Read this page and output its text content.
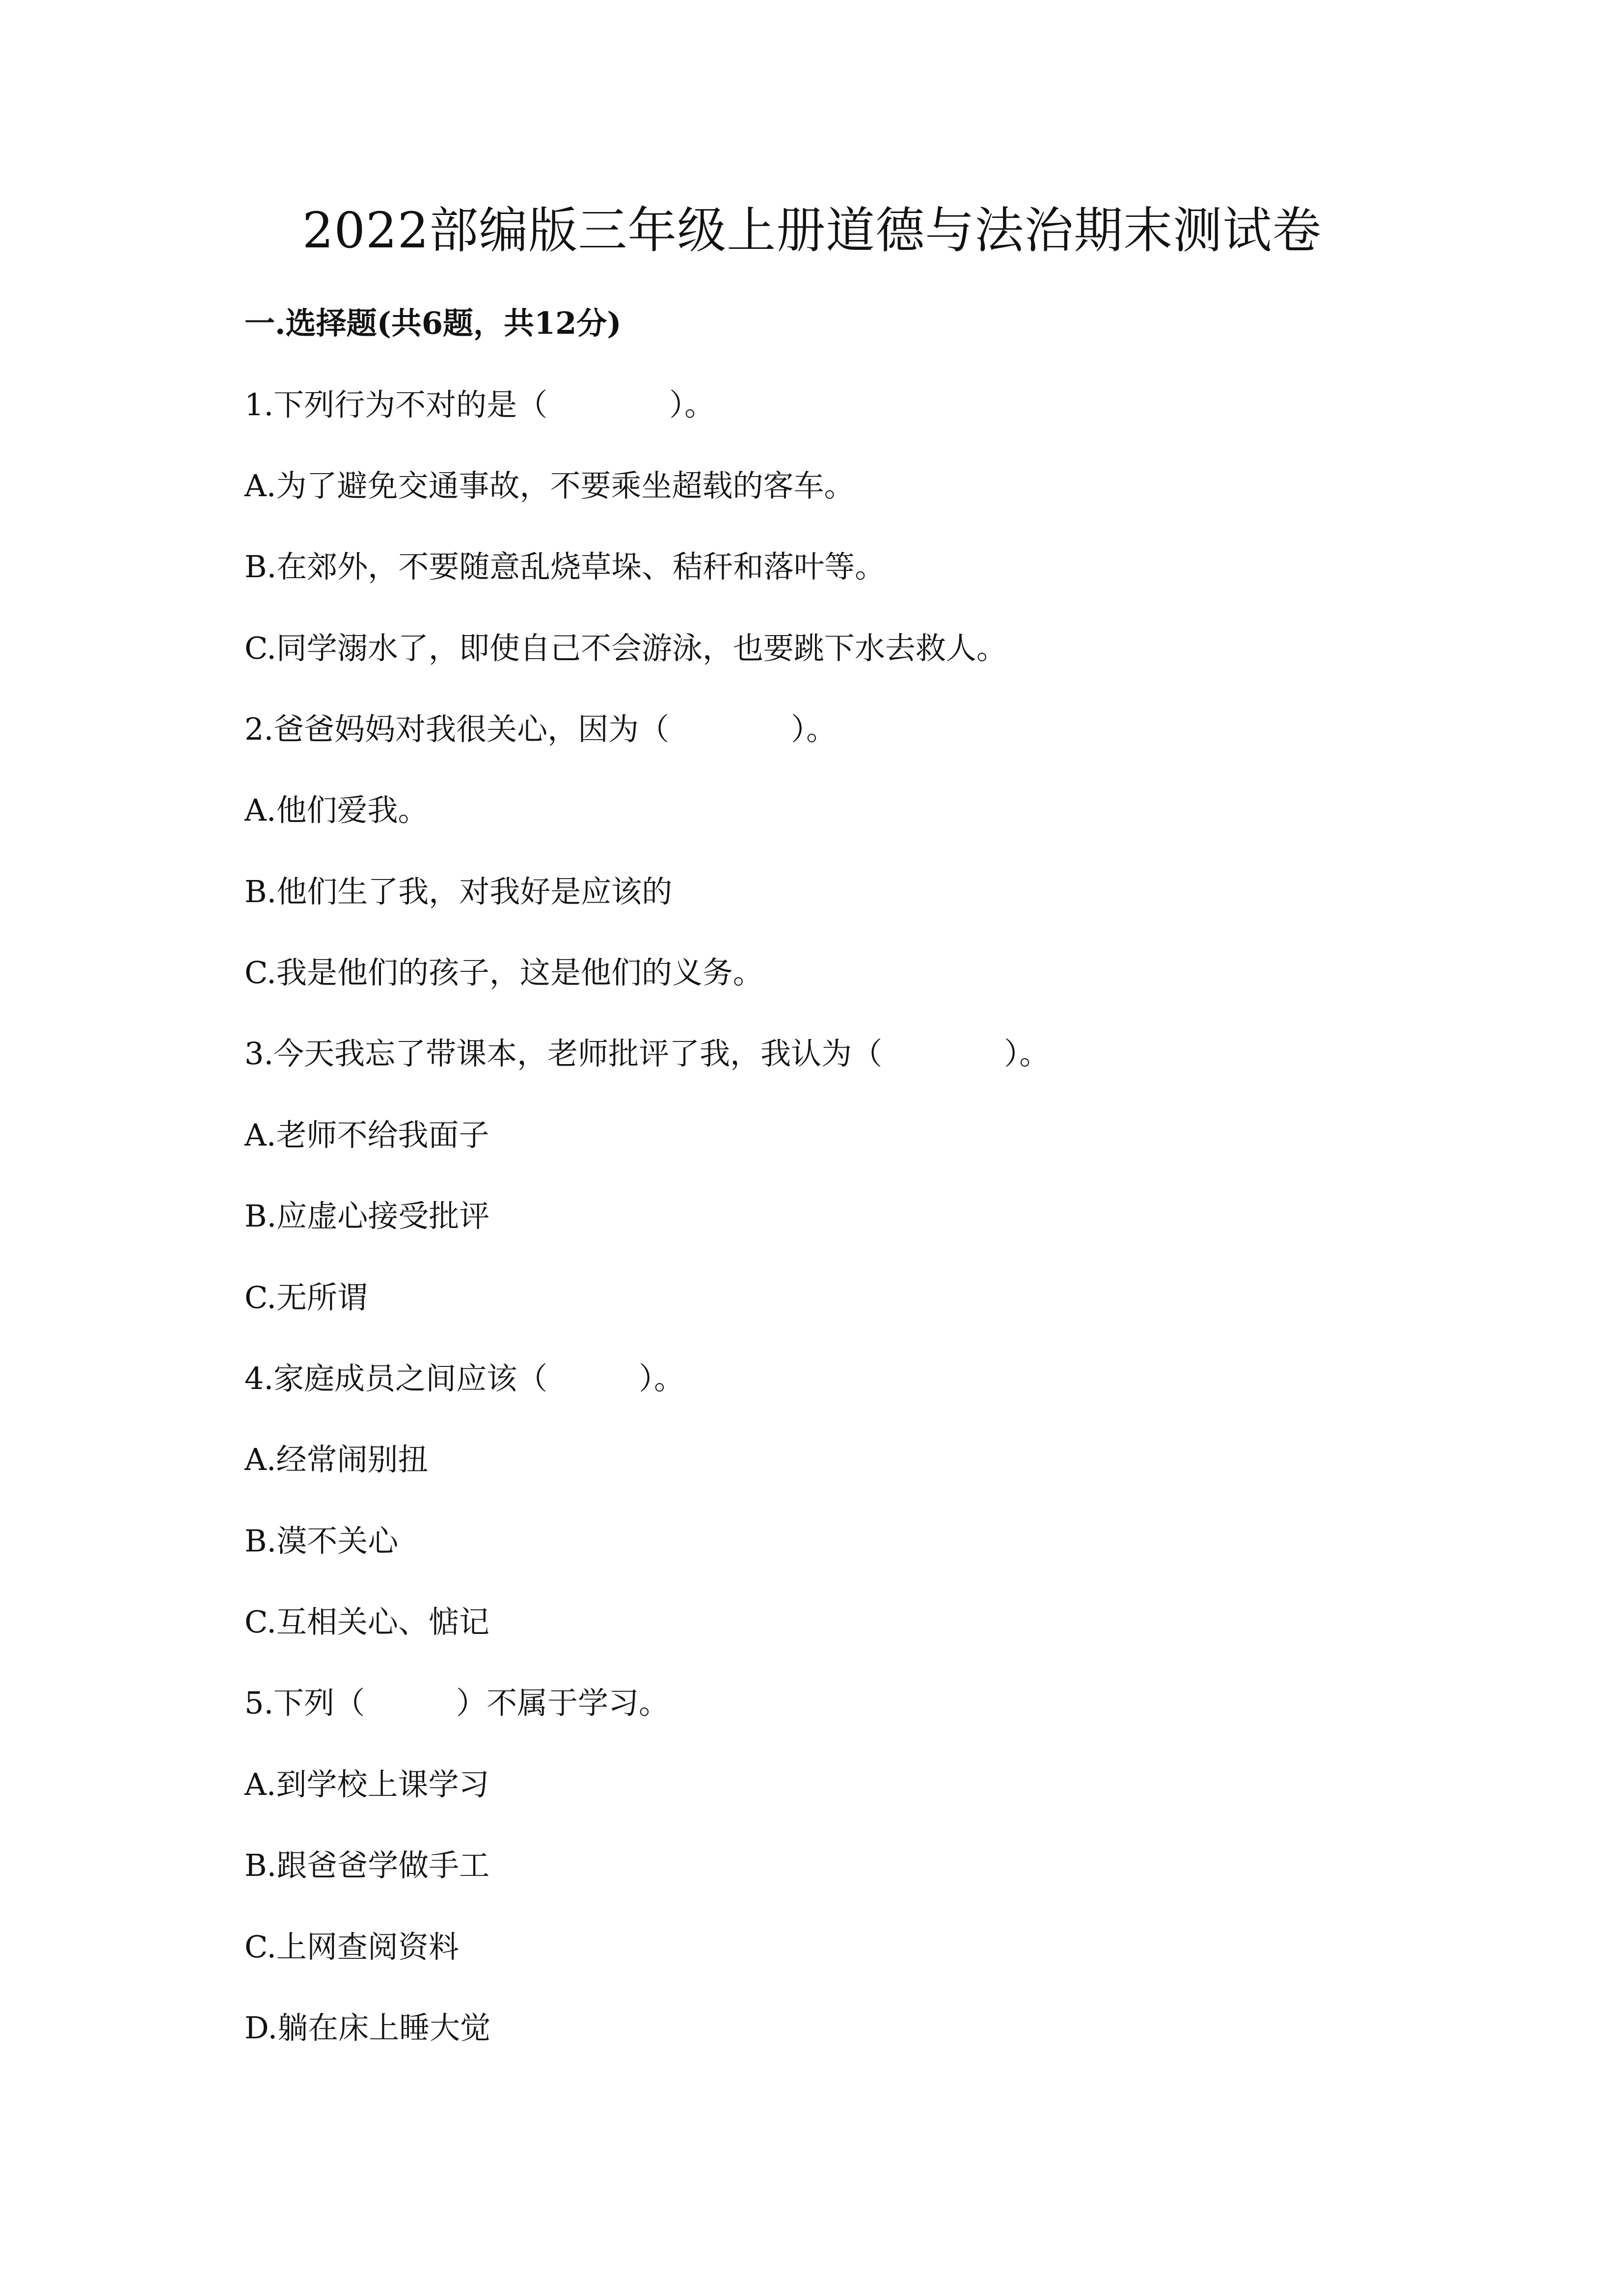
2022部编版三年级上册道德与法治期末测试卷
一.选择题(共6题，共12分)
1.下列行为不对的是（　　　　）。
A.为了避免交通事故，不要乘坐超载的客车。
B.在郊外，不要随意乱烧草垛、秸秆和落叶等。
C.同学溺水了，即使自己不会游泳，也要跳下水去救人。
2.爸爸妈妈对我很关心，因为（　　　　）。
A.他们爱我。
B.他们生了我，对我好是应该的
C.我是他们的孩子，这是他们的义务。
3.今天我忘了带课本，老师批评了我，我认为（　　　　）。
A.老师不给我面子
B.应虚心接受批评
C.无所谓
4.家庭成员之间应该（　　　）。
A.经常闹别扭
B.漠不关心
C.互相关心、惦记
5.下列（　　　）不属于学习。
A.到学校上课学习
B.跟爸爸学做手工
C.上网查阅资料
D.躺在床上睡大觉
